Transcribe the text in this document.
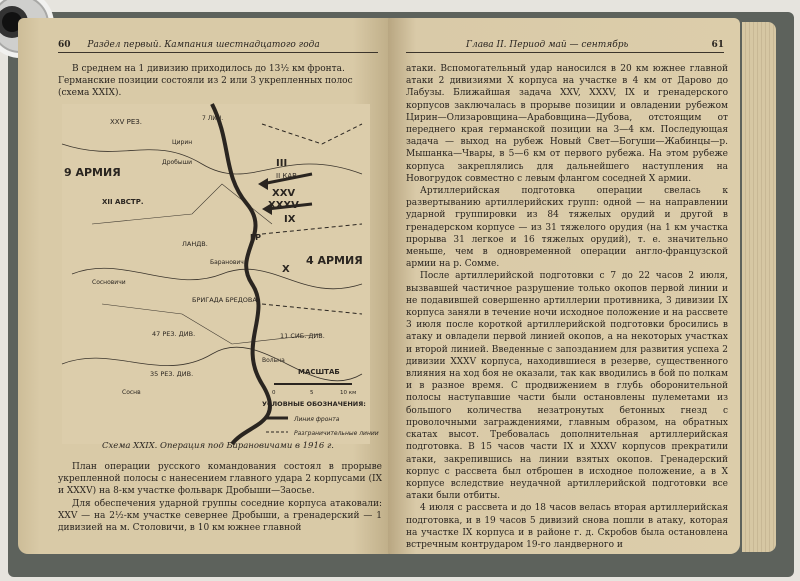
60 Раздел первый. Кампания шестнадцатого года

В среднем на 1 дивизию приходилось до 13½ км фронта.

Германские позиции состояли из 2 или 3 укрепленных полос

(схема XXIX).

XXV РЕЗ.	7 ЛИН.
9 АРМИЯ
XII АВСТР.
III
II КАВ.
XXV
XXXV
IX
X
ГР
ЛАНДВ.
4 АРМИЯ
БРИГАДА БРЕДОВА
47 РЕЗ. ДИВ.
35 РЕЗ. ДИВ.
11 СИБ. ДИВ.
Барановичи
Сосновичи
Соснв
Вольна
Дробыши
Цирин
МАСШТАБ
0	5	10 км
УСЛОВНЫЕ ОБОЗНАЧЕНИЯ:
Линия фронта
Разграничительные линии
Схема XXIX. Операция под Барановичами в 1916 г.

План операции русского командования состоял в прорыве укрепленной полосы с нанесением главного удара 2 корпусами (IX и XXXV) на 8-км участке фольварк Дробыши—Заосье.

Для обеспечения ударной группы соседние корпуса атаковали: XXV — на 2½-км участке севернее Дробыши, а гренадерский — 1 дивизией на м. Столовичи, в 10 км южнее главной

Глава II. Период май — сентябрь	61

атаки. Вспомогательный удар наносился в 20 км южнее главной атаки 2 дивизиями X корпуса на участке в 4 км от Дарово до Лабузы. Ближайшая задача XXV, XXXV, IX и гренадерского корпусов заключалась в прорыве позиции и овладении рубежом Цирин—Олизаровщина—Арабовщина—Дубова, отстоящим от переднего края германской позиции на 3—4 км. Последующая задача — выход на рубеж Новый Свет—Богуши—Жабинцы—р. Мышанка—Чвары, в 5—6 км от первого рубежа. На этом рубеже корпуса закреплялись для дальнейшего наступления на Новогрудок совместно с левым флангом соседней X армии.

Артиллерийская подготовка операции свелась к развертыванию артиллерийских групп: одной — на направлении ударной группировки из 84 тяжелых орудий и другой в гренадерском корпусе — из 31 тяжелого орудия (на 1 км участка прорыва 31 легкое и 16 тяжелых орудий), т. е. значительно меньше, чем в одновременной операции англо-французской армии на р. Сомме.

После артиллерийской подготовки с 7 до 22 часов 2 июля, вызвавшей частичное разрушение только окопов первой линии и не подавившей совершенно артиллерии противника, 3 дивизии IX корпуса заняли в течение ночи исходное положение и на рассвете 3 июля после короткой артиллерийской подготовки бросились в атаку и овладели первой линией окопов, а на некоторых участках и второй линией. Введенные с запозданием для развития успеха 2 дивизии XXXV корпуса, находившиеся в резерве, существенного влияния на ход боя не оказали, так как вводились в бой по полкам и в разное время. С продвижением в глубь оборонительной полосы наступавшие части были остановлены пулеметами из большого количества незатронутых бетонных гнезд с проволочными заграждениями, главным образом, на обратных скатах высот. Требовалась дополнительная артиллерийская подготовка. В 15 часов части IX и XXXV корпусов прекратили атаки, закрепившись на линии взятых окопов. Гренадерский корпус с рассвета был отброшен в исходное положение, а в X корпусе вследствие неудачной артиллерийской подготовки все атаки были отбиты.

4 июля с рассвета и до 18 часов велась вторая артиллерийская подготовка, и в 19 часов 5 дивизий снова пошли в атаку, которая на участке IX корпуса и в районе г. д. Скробов была остановлена встречным контрударом 19-го ландверного и
